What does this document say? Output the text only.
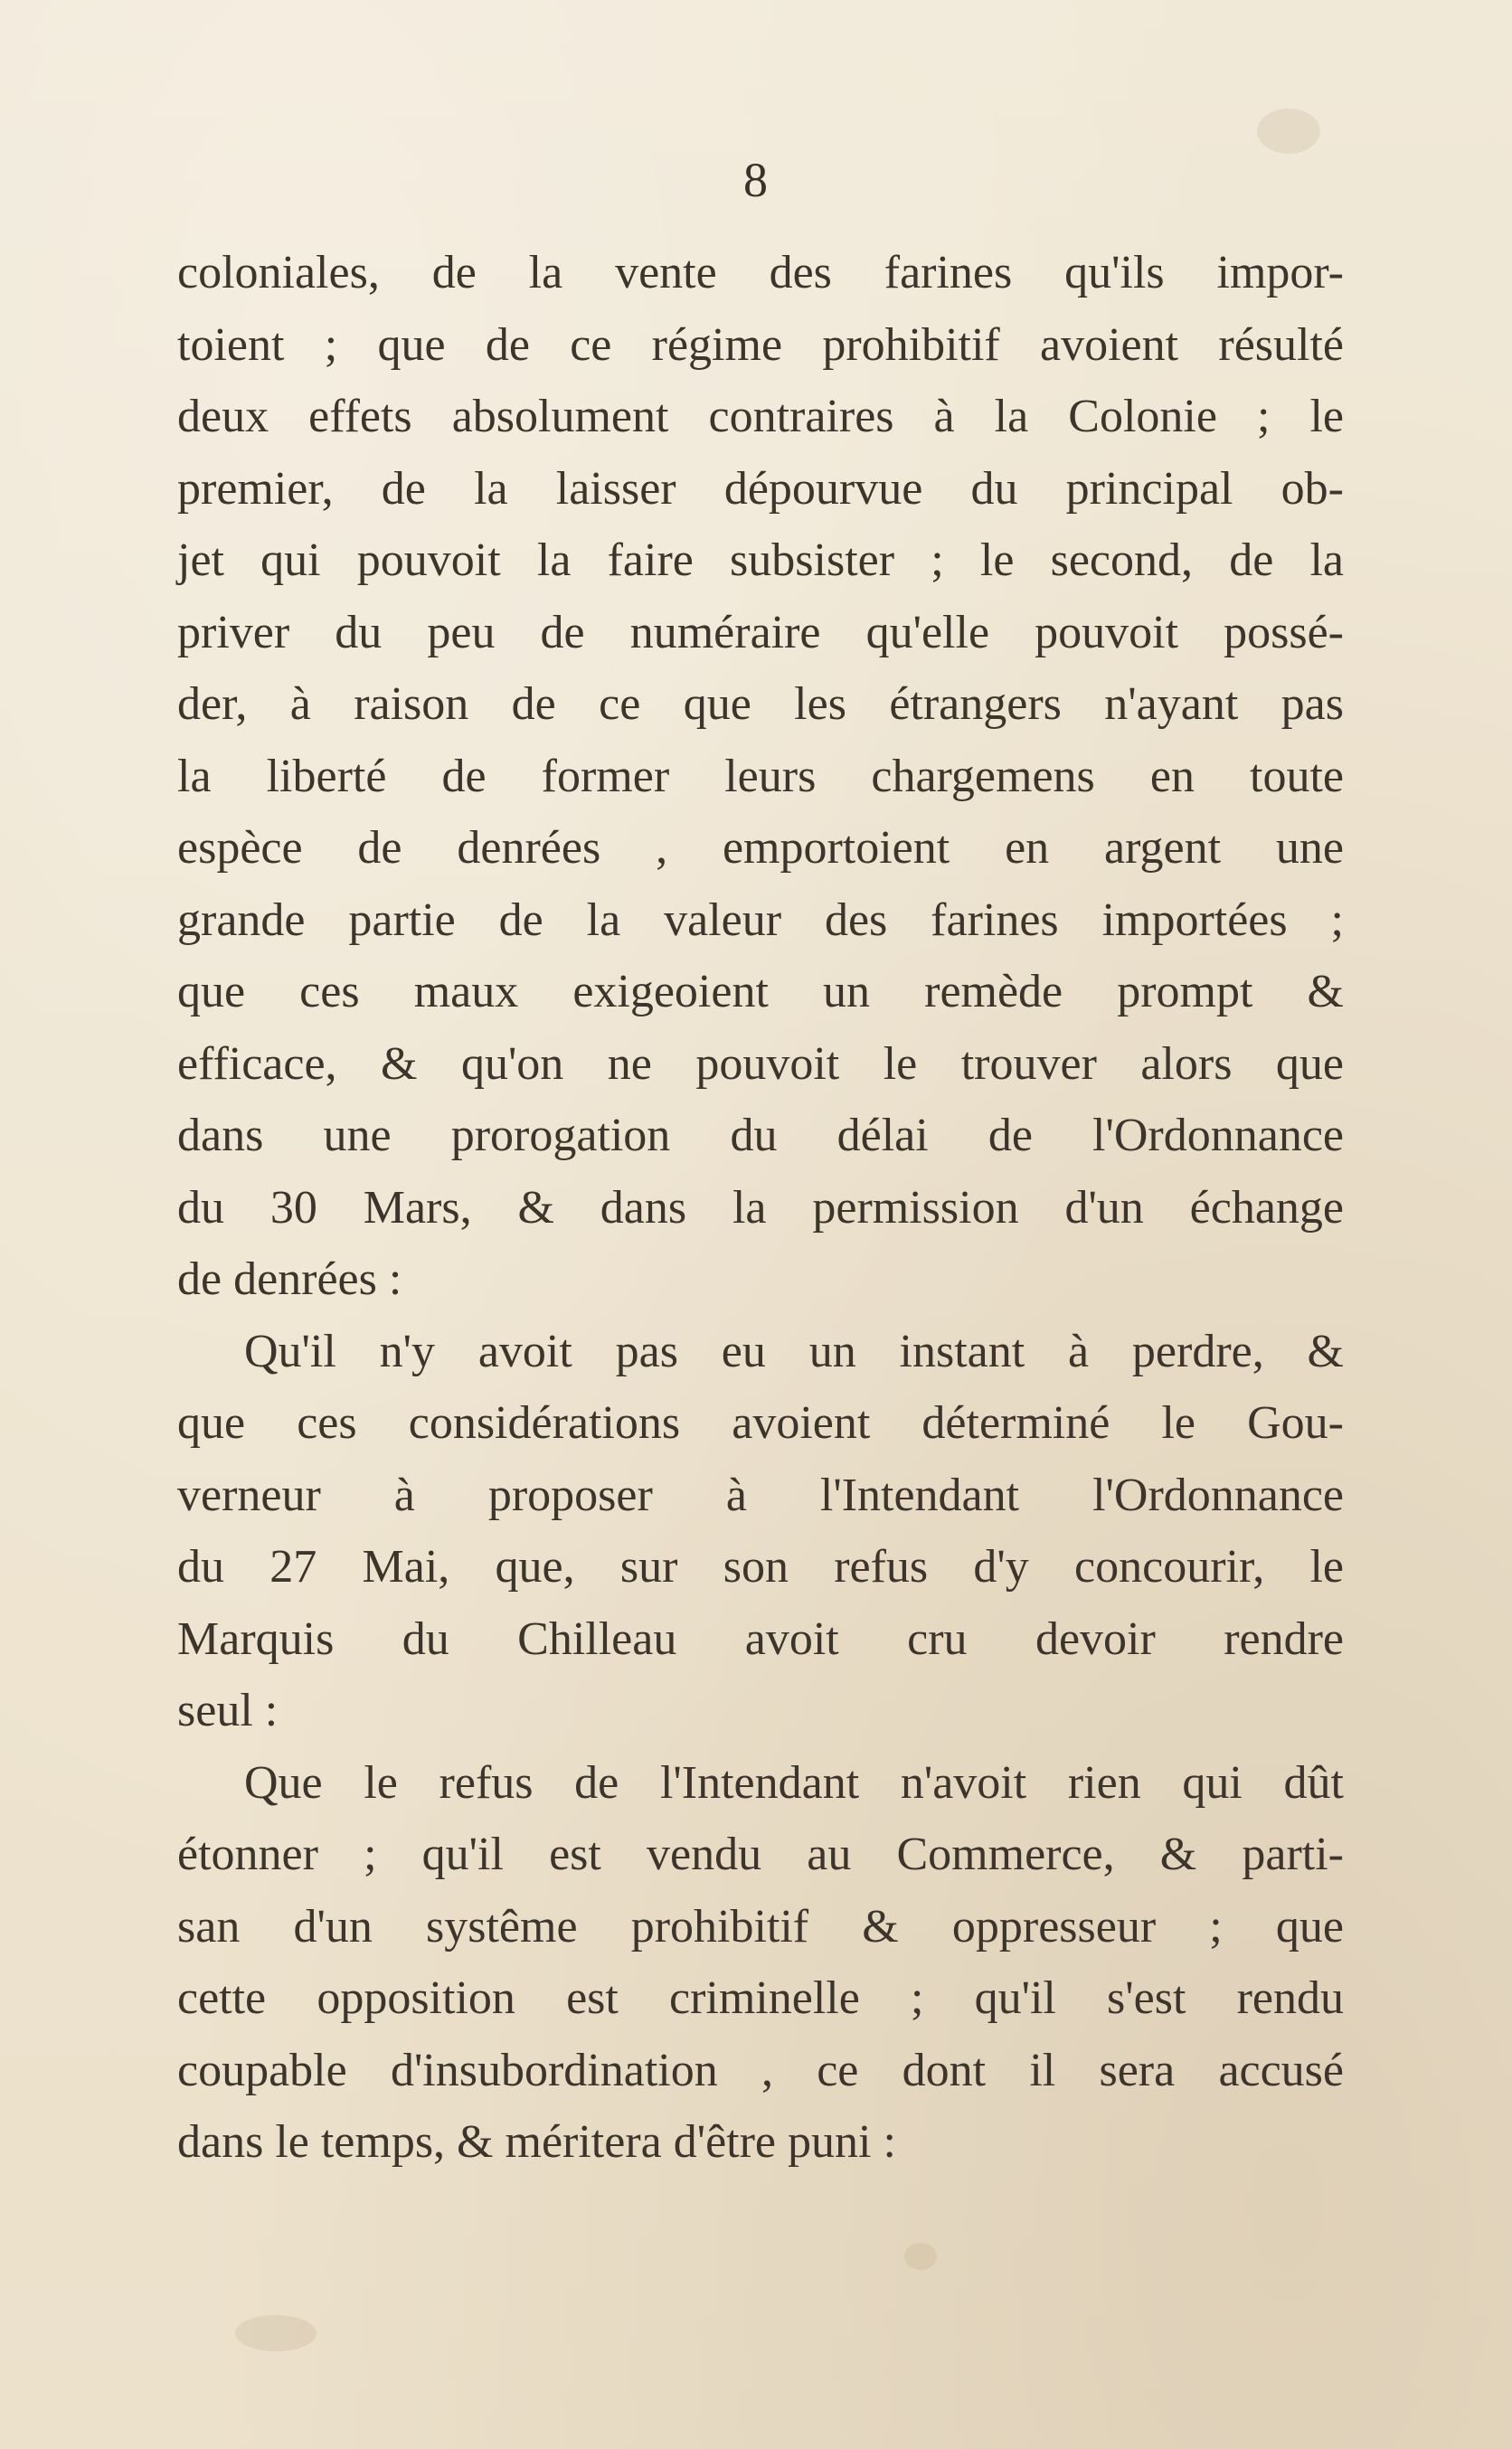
8
coloniales, de la vente des farines qu'ils impor-
toient ; que de ce régime prohibitif avoient résulté
deux effets absolument contraires à la Colonie ; le
premier, de la laisser dépourvue du principal ob-
jet qui pouvoit la faire subsister ; le second, de la
priver du peu de numéraire qu'elle pouvoit possé-
der, à raison de ce que les étrangers n'ayant pas
la liberté de former leurs chargemens en toute
espèce de denrées , emportoient en argent une
grande partie de la valeur des farines importées ;
que ces maux exigeoient un remède prompt &
efficace, & qu'on ne pouvoit le trouver alors que
dans une prorogation du délai de l'Ordonnance
du 30 Mars, & dans la permission d'un échange
de denrées :
Qu'il n'y avoit pas eu un instant à perdre, &
que ces considérations avoient déterminé le Gou-
verneur à proposer à l'Intendant l'Ordonnance
du 27 Mai, que, sur son refus d'y concourir, le
Marquis du Chilleau avoit cru devoir rendre
seul :
Que le refus de l'Intendant n'avoit rien qui dût
étonner ; qu'il est vendu au Commerce, & parti-
san d'un systême prohibitif & oppresseur ; que
cette opposition est criminelle ; qu'il s'est rendu
coupable d'insubordination , ce dont il sera accusé
dans le temps, & méritera d'être puni :
